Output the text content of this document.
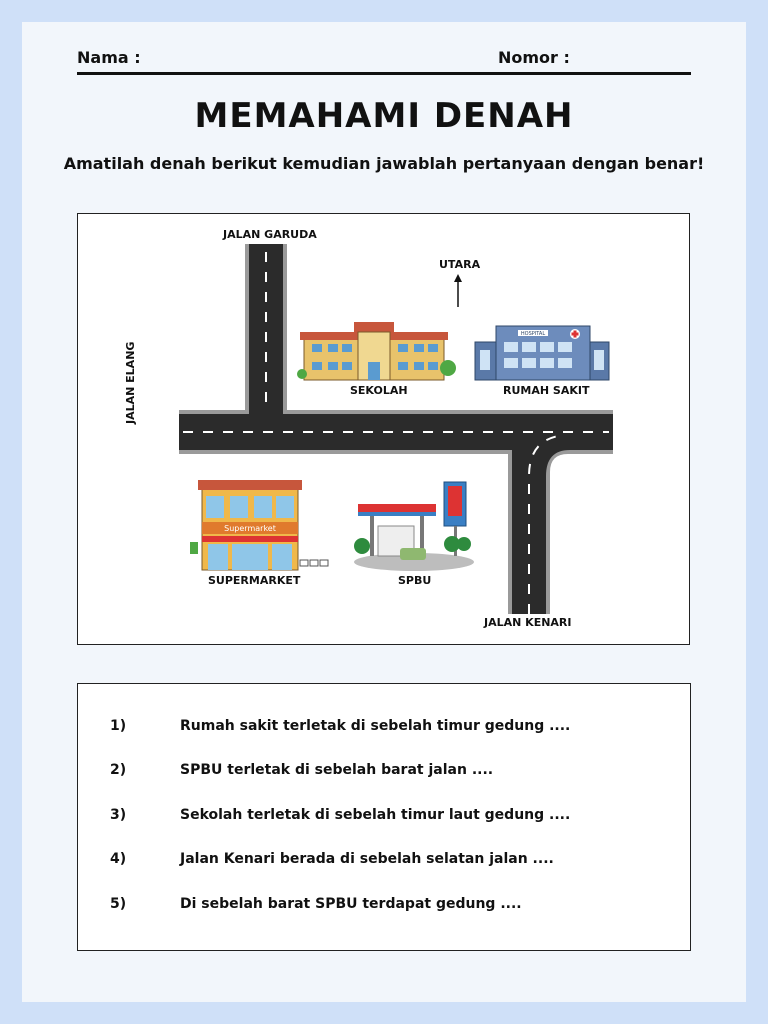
Nama :	Nomor :
MEMAHAMI DENAH
Amatilah denah berikut kemudian jawablah pertanyaan dengan benar!
HOSPITAL
Supermarket
JALAN GARUDA
UTARA
SEKOLAH	RUMAH SAKIT
SUPERMARKET	SPBU
JALAN KENARI
JALAN ELANG
1)	Rumah sakit terletak di sebelah timur gedung ....
2)	SPBU terletak di sebelah barat jalan ....
3)	Sekolah terletak di sebelah timur laut gedung ....
4)	Jalan Kenari berada di sebelah selatan jalan ....
5)	Di sebelah barat SPBU terdapat gedung ....
